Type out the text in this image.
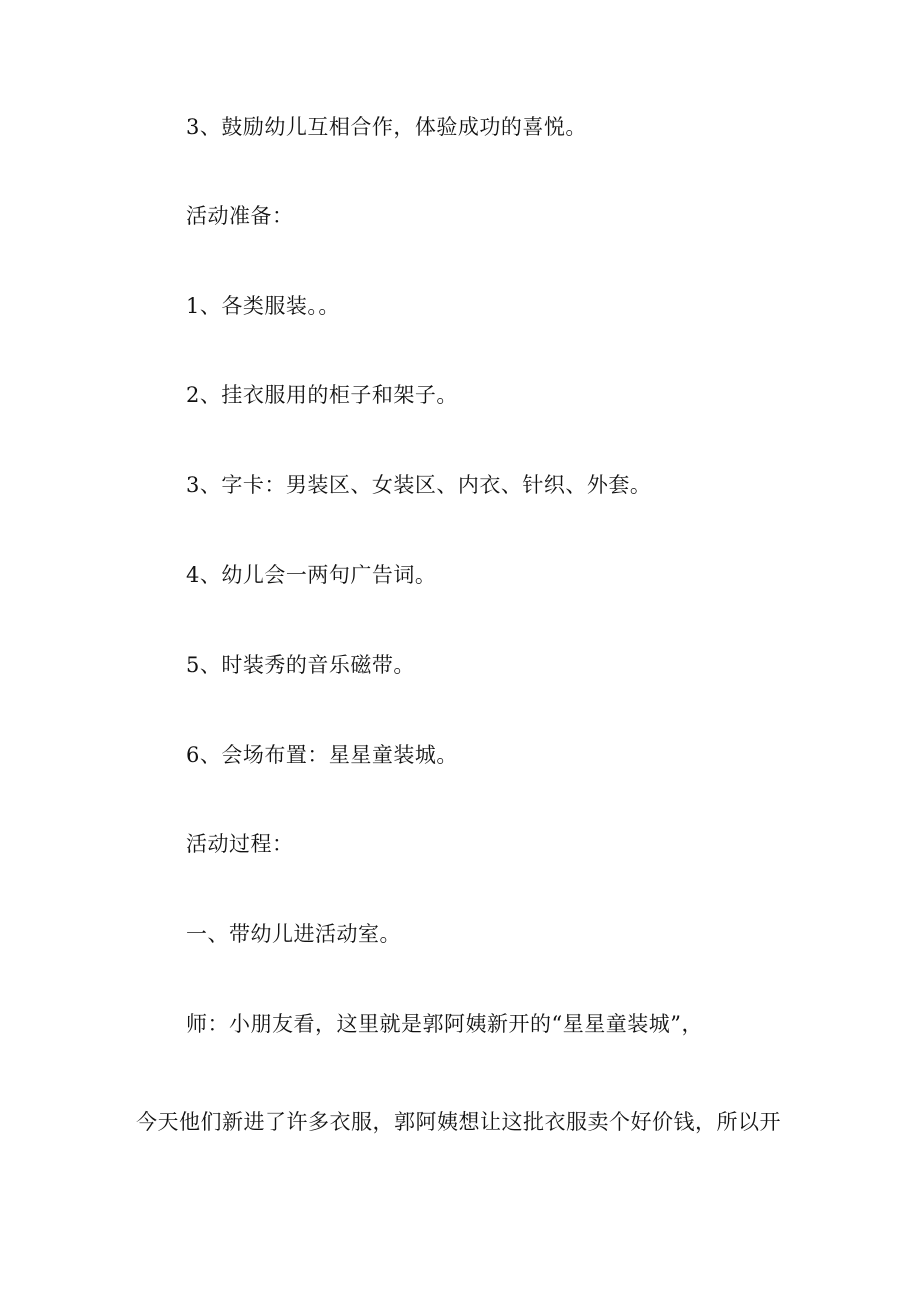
3、鼓励幼儿互相合作，体验成功的喜悦。
活动准备：
1、各类服装。。
2、挂衣服用的柜子和架子。
3、字卡：男装区、女装区、内衣、针织、外套。
4、幼儿会一两句广告词。
5、时装秀的音乐磁带。
6、会场布置：星星童装城。
活动过程：
一、带幼儿进活动室。
师：小朋友看，这里就是郭阿姨新开的“星星童装城”，
今天他们新进了许多衣服，郭阿姨想让这批衣服卖个好价钱，所以开
